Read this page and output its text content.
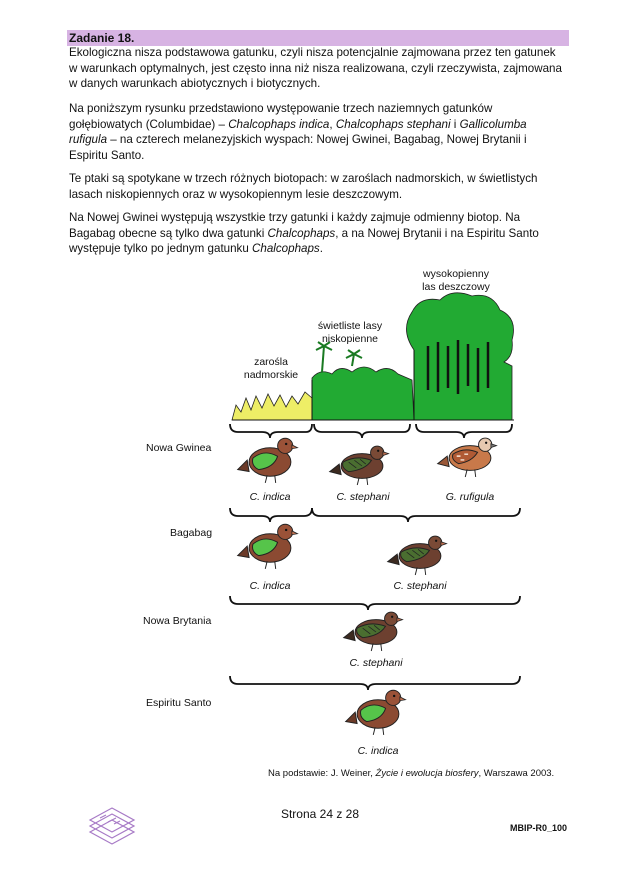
Zadanie 18.
Ekologiczna nisza podstawowa gatunku, czyli nisza potencjalnie zajmowana przez ten gatunek w warunkach optymalnych, jest często inna niż nisza realizowana, czyli rzeczywista, zajmowana w danych warunkach abiotycznych i biotycznych.
Na poniższym rysunku przedstawiono występowanie trzech naziemnych gatunków gołębiowatych (Columbidae) – Chalcophaps indica, Chalcophaps stephani i Gallicolumba rufigula – na czterech melanezyjskich wyspach: Nowej Gwinei, Bagabag, Nowej Brytanii i Espiritu Santo.
Te ptaki są spotykane w trzech różnych biotopach: w zaroślach nadmorskich, w świetlistych lasach niskopiennych oraz w wysokopiennym lesie deszczowym.
Na Nowej Gwinei występują wszystkie trzy gatunki i każdy zajmuje odmienny biotop. Na Bagabag obecne są tylko dwa gatunki Chalcophaps, a na Nowej Brytanii i na Espiritu Santo występuje tylko po jednym gatunku Chalcophaps.
zarośla
nadmorskie
świetliste lasy
niskopienne
wysokopienny
las deszczowy
Nowa Gwinea
Bagabag
Nowa Brytania
Espiritu Santo
C. indica	C. stephani	G. rufigula
C. indica	C. stephani
C. stephani
C. indica
Na podstawie: J. Weiner, Życie i ewolucja biosfery, Warszawa 2003.
Strona 24 z 28
MBIP-R0_100
